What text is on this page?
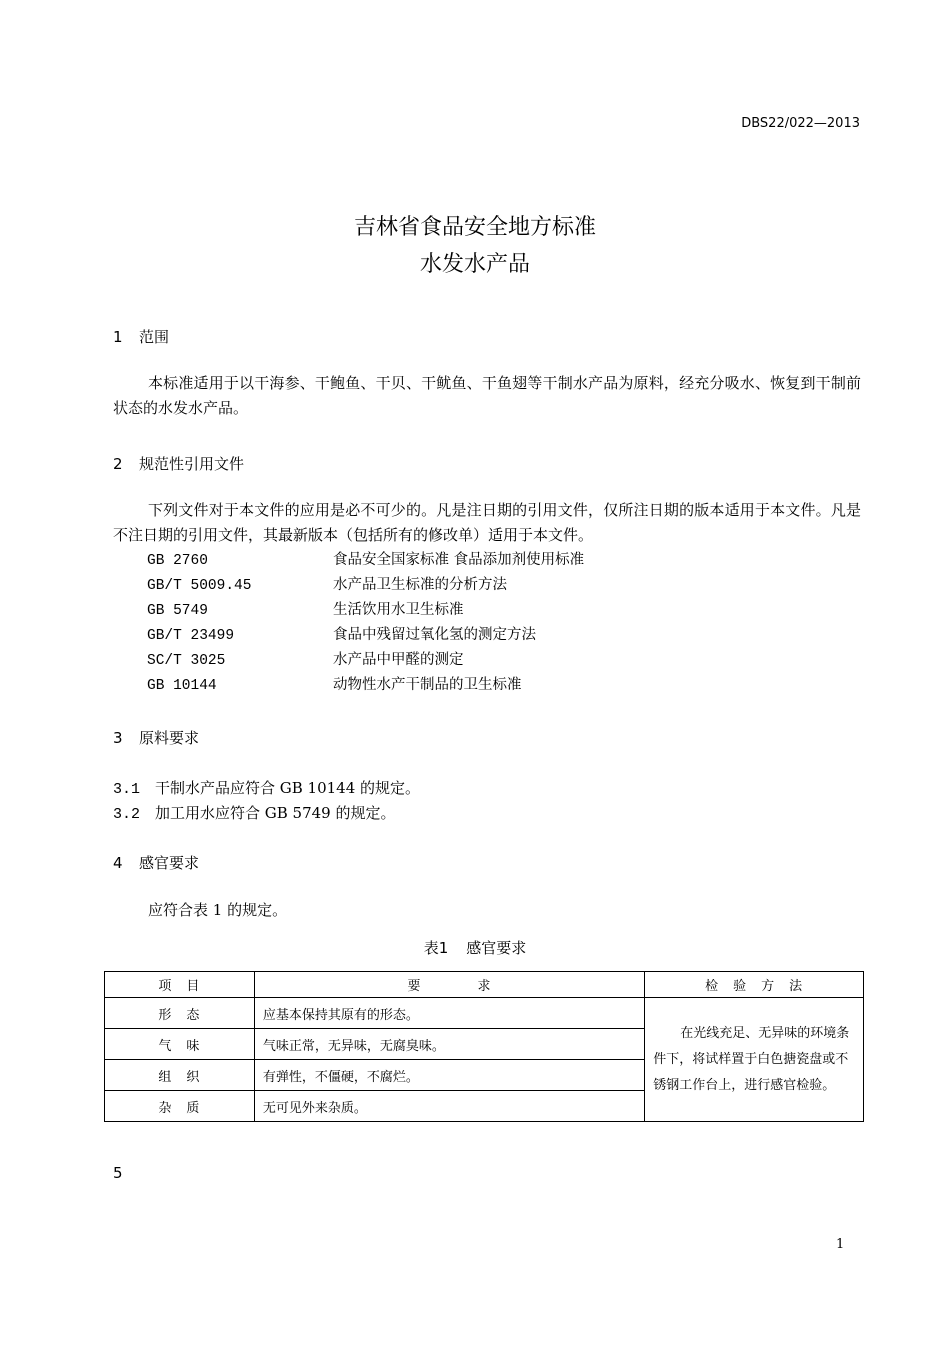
DBS22/022—2013
吉林省食品安全地方标准
水发水产品
1 范围
本标准适用于以干海参、干鲍鱼、干贝、干鱿鱼、干鱼翅等干制水产品为原料，经充分吸水、恢复到干制前状态的水发水产品。
2 规范性引用文件
下列文件对于本文件的应用是必不可少的。凡是注日期的引用文件，仅所注日期的版本适用于本文件。凡是不注日期的引用文件，其最新版本（包括所有的修改单）适用于本文件。
GB 2760	食品安全国家标准 食品添加剂使用标准
GB/T 5009.45	水产品卫生标准的分析方法
GB 5749	生活饮用水卫生标准
GB/T 23499	食品中残留过氧化氢的测定方法
SC/T 3025	水产品中甲醛的测定
GB 10144	动物性水产干制品的卫生标准
3 原料要求
3.1 干制水产品应符合 GB 10144 的规定。
3.2 加工用水应符合 GB 5749 的规定。
4 感官要求
应符合表 1 的规定。
表1 感官要求
项　目	要　　　　求	检　验　方　法
形　态	应基本保持其原有的形态。	在光线充足、无异味的环境条件下，将试样置于白色搪瓷盘或不锈钢工作台上，进行感官检验。
气　味	气味正常，无异味，无腐臭味。	
组　织	有弹性，不僵硬，不腐烂。	
杂　质	无可见外来杂质。	
5
1
